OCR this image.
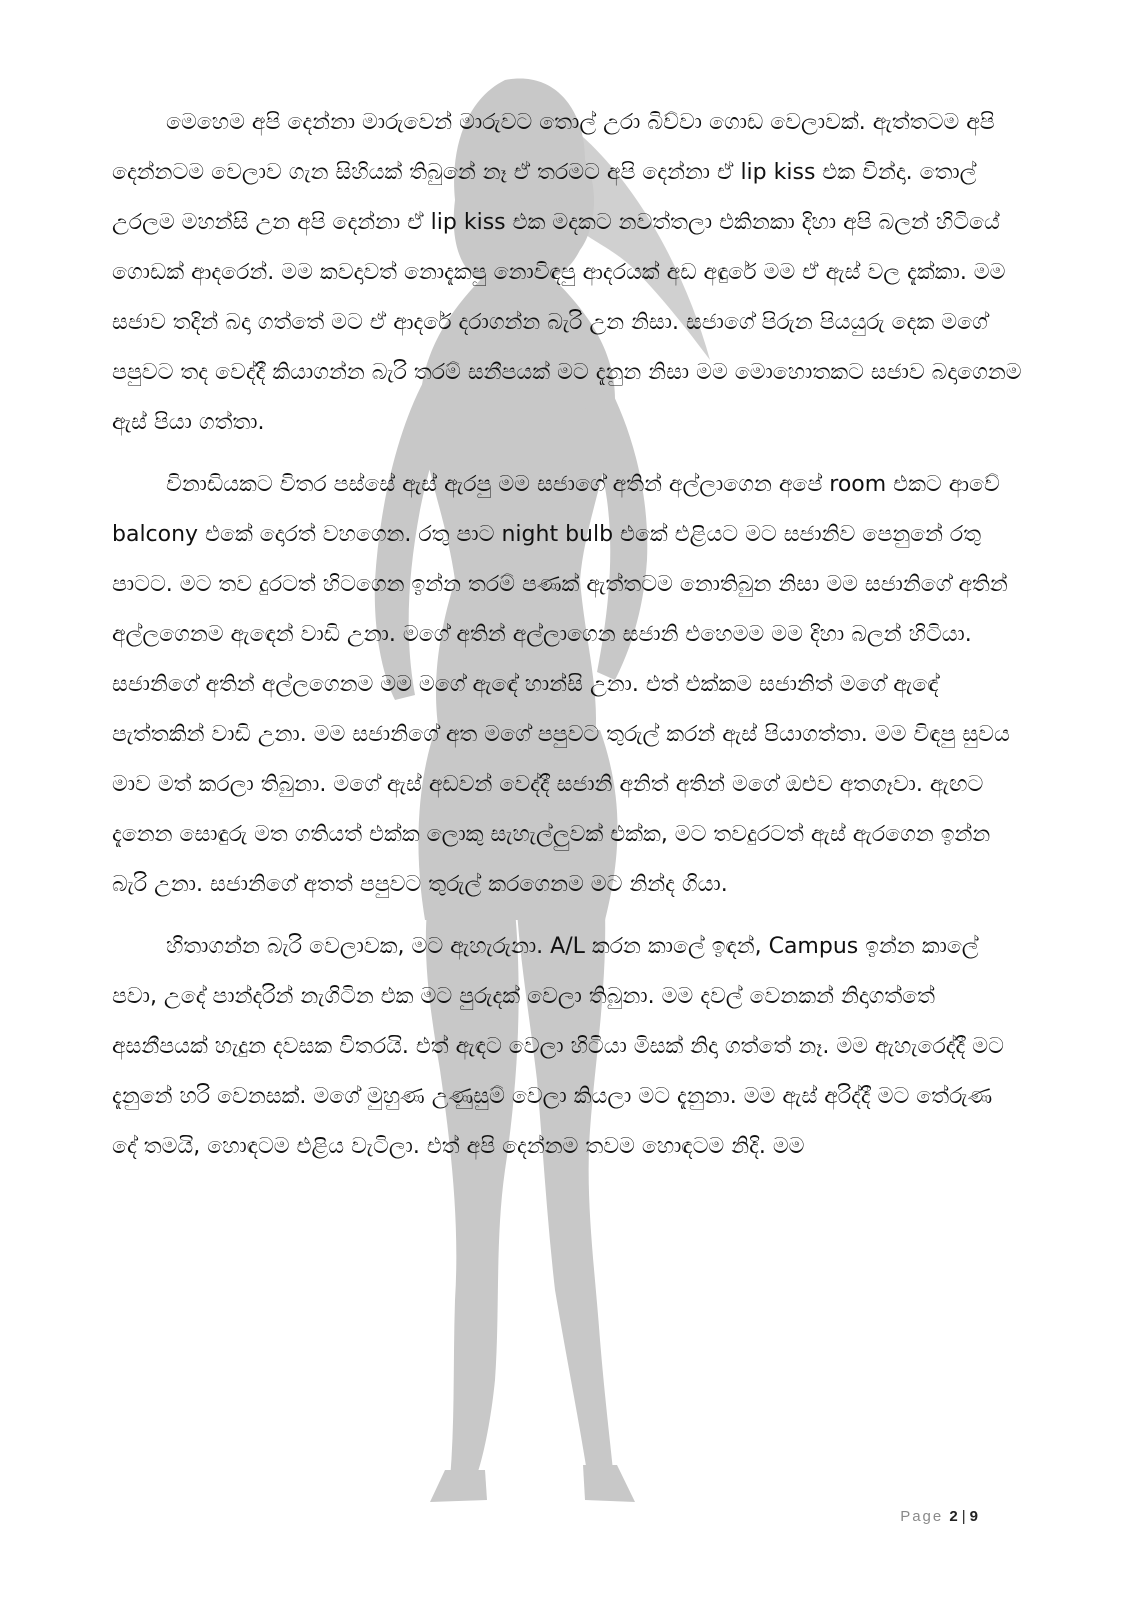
මෙහෙම අපි දෙන්නා මාරුවෙන් මාරුවට තොල් උරා බිව්වා ගොඩ වෙලාවක්. ඇත්තටම අපි දෙන්නටම වෙලාව ගැන සිහියක් තිබුනේ නෑ ඒ තරමට අපි දෙන්නා ඒ lip kiss එක වින්දා. තොල් උරලම මහන්සි උන අපි දෙන්නා ඒ lip kiss එක මදකට නවත්තලා එකිනකා දිහා අපි බලන් හිටියේ ගොඩක් ආදරෙන්. මම කවදාවත් නොදැකපු නොවිඳපු ආදරයක් අඩ අඳුරේ මම ඒ ඇස් වල දැක්කා. මම සජාව තදින් බදා ගත්තේ මට ඒ ආදරේ දරාගන්න බැරි උන නිසා. සජාගේ පිරුන පියයුරු දෙක මගේ පපුවට තද වෙද්දී කියාගන්න බැරි තරම් සනීපයක් මට දැනුන නිසා මම මොහොතකට සජාව බදාගෙනම ඇස් පියා ගත්තා.

විනාඩියකට විතර පස්සේ ඇස් ඇරපු මම සජාගේ අතින් අල්ලාගෙන අපේ room එකට ආවේ balcony එකේ දොරත් වහගෙන. රතු පාට night bulb එකේ එළියට මට සජානිව පෙනුනේ රතු පාටට. මට තව දුරටත් හිටගෙන ඉන්න තරම් පණක් ඇත්තටම නොතිබුන නිසා මම සජානිගේ අතින් අල්ලගෙනම ඇඳෙන් වාඩි උනා. මගේ අතින් අල්ලාගෙන සජානි එහෙමම මම දිහා බලන් හිටියා. සජානිගේ අතින් අල්ලගෙනම මම මගේ ඇඳේ හාන්සි උනා. එත් එක්කම සජානිත් මගේ ඇඳේ පැත්තකින් වාඩි උනා. මම සජානිගේ අත මගේ පපුවට තුරුල් කරන් ඇස් පියාගත්තා. මම විඳපු සුවය මාව මත් කරලා තිබුනා. මගේ ඇස් අඩවන් වෙද්දී සජානි අනිත් අතින් මගේ ඔළුව අතගෑවා. ඇඟට දැනෙන සොඳුරු මත ගතියත් එක්ක ලොකු සැහැල්ලුවක් එක්ක, මට තවදුරටත් ඇස් ඇරගෙන ඉන්න බැරි උනා. සජානිගේ අතත් පපුවට තුරුල් කරගෙනම මට නින්ද ගියා.

හිතාගන්න බැරි වෙලාවක, මට ඇහැරුනා. A/L කරන කාලේ ඉඳන්, Campus ඉන්න කාලේ පවා, උදේ පාන්දරින් නැගිටින එක මට පුරුදක් වෙලා තිබුනා. මම දවල් වෙනකන් නිදාගත්තේ අසනීපයක් හැදුන දවසක විතරයි. එත් ඇඳට වෙලා හිටියා මිසක් නිදා ගත්තේ නෑ. මම ඇහැරෙද්දී මට දැනුනේ හරි වෙනසක්. මගේ මුහුණ උණුසුම් වෙලා කියලා මට දැනුනා. මම ඇස් අරිද්දී මට තේරුණ දේ තමයි, හොඳටම එළිය වැටිලා. එත් අපි දෙන්නම තවම හොඳටම නිදි. මම

Page 2 | 9
